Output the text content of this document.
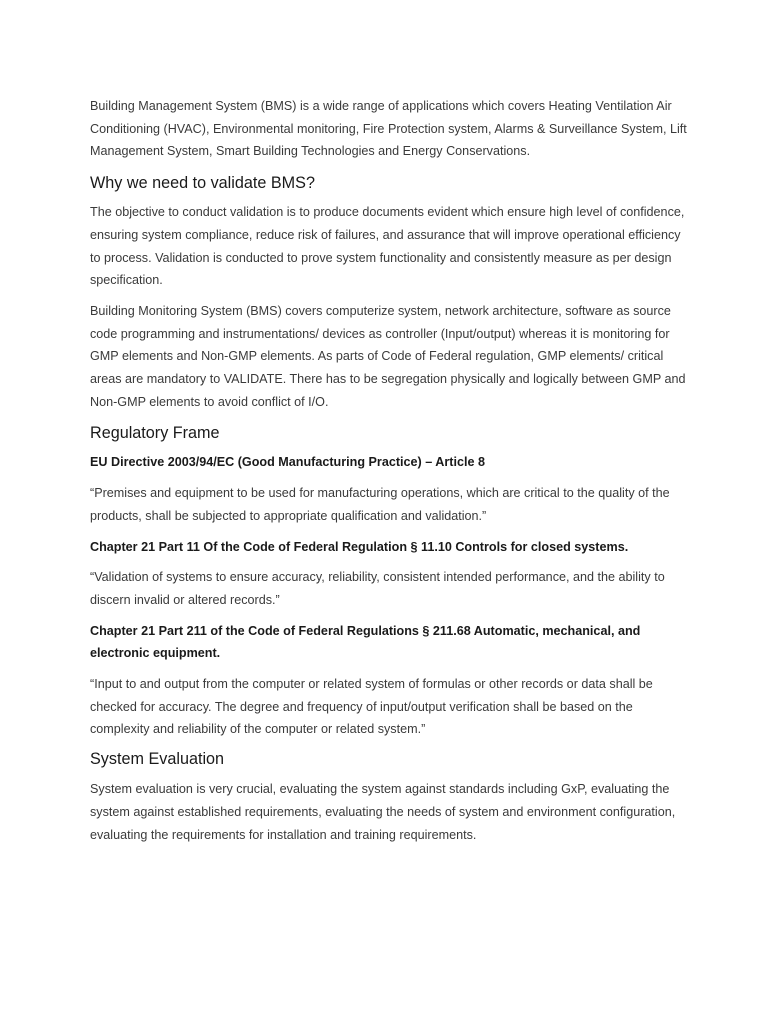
Building Management System (BMS) is a wide range of applications which covers Heating Ventilation Air Conditioning (HVAC), Environmental monitoring, Fire Protection system, Alarms & Surveillance System, Lift Management System, Smart Building Technologies and Energy Conservations.

Why we need to validate BMS?

The objective to conduct validation is to produce documents evident which ensure high level of confidence, ensuring system compliance, reduce risk of failures, and assurance that will improve operational efficiency to process. Validation is conducted to prove system functionality and consistently measure as per design specification.

Building Monitoring System (BMS) covers computerize system, network architecture, software as source code programming and instrumentations/ devices as controller (Input/output) whereas it is monitoring for GMP elements and Non-GMP elements. As parts of Code of Federal regulation, GMP elements/ critical areas are mandatory to VALIDATE. There has to be segregation physically and logically between GMP and Non-GMP elements to avoid conflict of I/O.

Regulatory Frame
EU Directive 2003/94/EC (Good Manufacturing Practice) – Article 8

“Premises and equipment to be used for manufacturing operations, which are critical to the quality of the products, shall be subjected to appropriate qualification and validation.”

Chapter 21 Part 11 Of the Code of Federal Regulation § 11.10 Controls for closed systems.

“Validation of systems to ensure accuracy, reliability, consistent intended performance, and the ability to discern invalid or altered records.”

Chapter 21 Part 211 of the Code of Federal Regulations § 211.68 Automatic, mechanical, and electronic equipment.

“Input to and output from the computer or related system of formulas or other records or data shall be checked for accuracy. The degree and frequency of input/output verification shall be based on the complexity and reliability of the computer or related system.”

System Evaluation

System evaluation is very crucial, evaluating the system against standards including GxP, evaluating the system against established requirements, evaluating the needs of system and environment configuration, evaluating the requirements for installation and training requirements.
